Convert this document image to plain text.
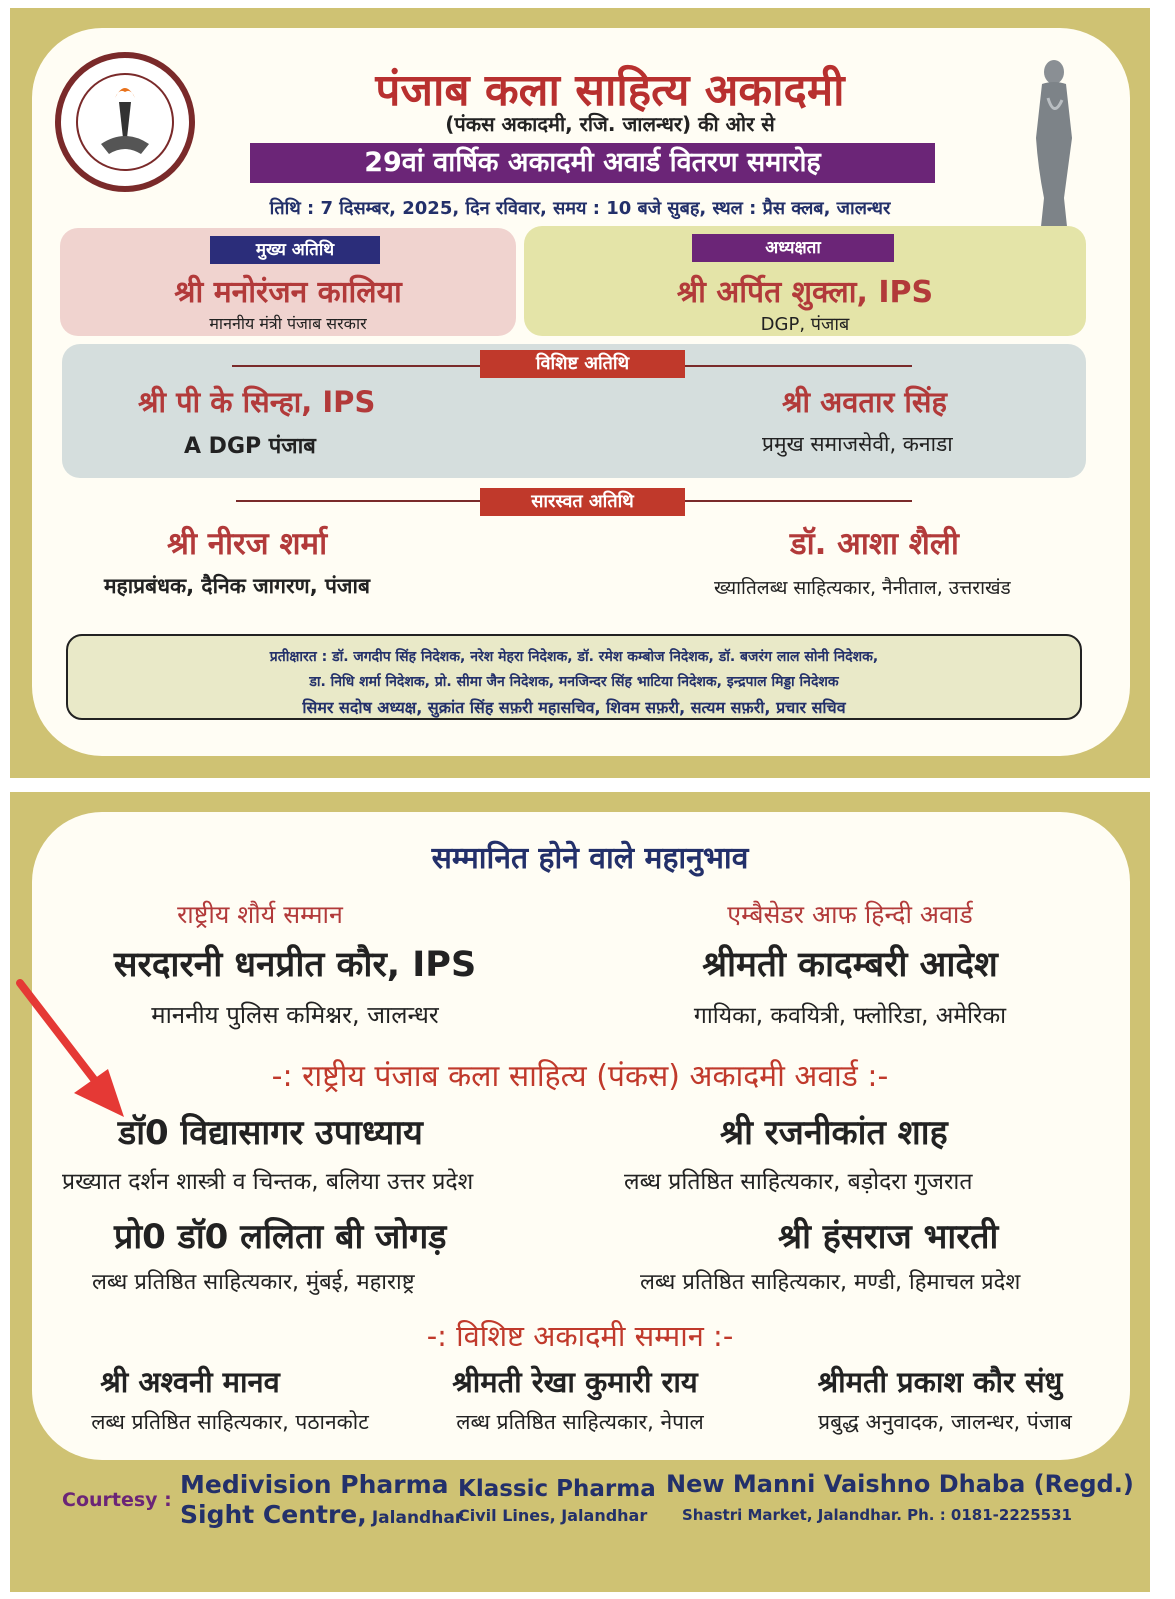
पंजाब कला साहित्य अकादमी
(पंकस अकादमी, रजि. जालन्धर) की ओर से
29वां वार्षिक अकादमी अवार्ड वितरण समारोह
तिथि : 7 दिसम्बर, 2025, दिन रविवार, समय : 10 बजे सुबह, स्थल : प्रैस क्लब, जालन्धर
मुख्य अतिथि
श्री मनोरंजन कालिया
माननीय मंत्री पंजाब सरकार
अध्यक्षता
श्री अर्पित शुक्ला, IPS
DGP, पंजाब
विशिष्ट अतिथि
श्री पी के सिन्हा, IPS
A DGP पंजाब
श्री अवतार सिंह
प्रमुख समाजसेवी, कनाडा
सारस्वत अतिथि
श्री नीरज शर्मा
महाप्रबंधक, दैनिक जागरण, पंजाब
डॉ. आशा शैली
ख्यातिलब्ध साहित्यकार, नैनीताल, उत्तराखंड
प्रतीक्षारत : डॉ. जगदीप सिंह निदेशक, नरेश मेहरा निदेशक, डॉ. रमेश कम्बोज निदेशक, डॉ. बजरंग लाल सोनी निदेशक,
डा. निधि शर्मा निदेशक, प्रो. सीमा जैन निदेशक, मनजिन्दर सिंह भाटिया निदेशक, इन्द्रपाल मिड्डा निदेशक
सिमर सदोष अध्यक्ष, सुक्रांत सिंह सफ़री महासचिव, शिवम सफ़री, सत्यम सफ़री, प्रचार सचिव
सम्मानित होने वाले महानुभाव
राष्ट्रीय शौर्य सम्मान
सरदारनी धनप्रीत कौर, IPS
माननीय पुलिस कमिश्नर, जालन्धर
एम्बैसेडर आफ हिन्दी अवार्ड
श्रीमती कादम्बरी आदेश
गायिका, कवयित्री, फ्लोरिडा, अमेरिका
-: राष्ट्रीय पंजाब कला साहित्य (पंकस) अकादमी अवार्ड :-
डॉ0 विद्यासागर उपाध्याय
प्रख्यात दर्शन शास्त्री व चिन्तक, बलिया उत्तर प्रदेश
श्री रजनीकांत शाह
लब्ध प्रतिष्ठित साहित्यकार, बड़ोदरा गुजरात
प्रो0 डॉ0 ललिता बी जोगड़
लब्ध प्रतिष्ठित साहित्यकार, मुंबई, महाराष्ट्र
श्री हंसराज भारती
लब्ध प्रतिष्ठित साहित्यकार, मण्डी, हिमाचल प्रदेश
-: विशिष्ट अकादमी सम्मान :-
श्री अश्वनी मानव
लब्ध प्रतिष्ठित साहित्यकार, पठानकोट
श्रीमती रेखा कुमारी राय
लब्ध प्रतिष्ठित साहित्यकार, नेपाल
श्रीमती प्रकाश कौर संधु
प्रबुद्ध अनुवादक, जालन्धर, पंजाब
Courtesy :
Medivision Pharma
Sight Centre, Jalandhar
Klassic Pharma
Civil Lines, Jalandhar
New Manni Vaishno Dhaba (Regd.)
Shastri Market, Jalandhar. Ph. : 0181-2225531
